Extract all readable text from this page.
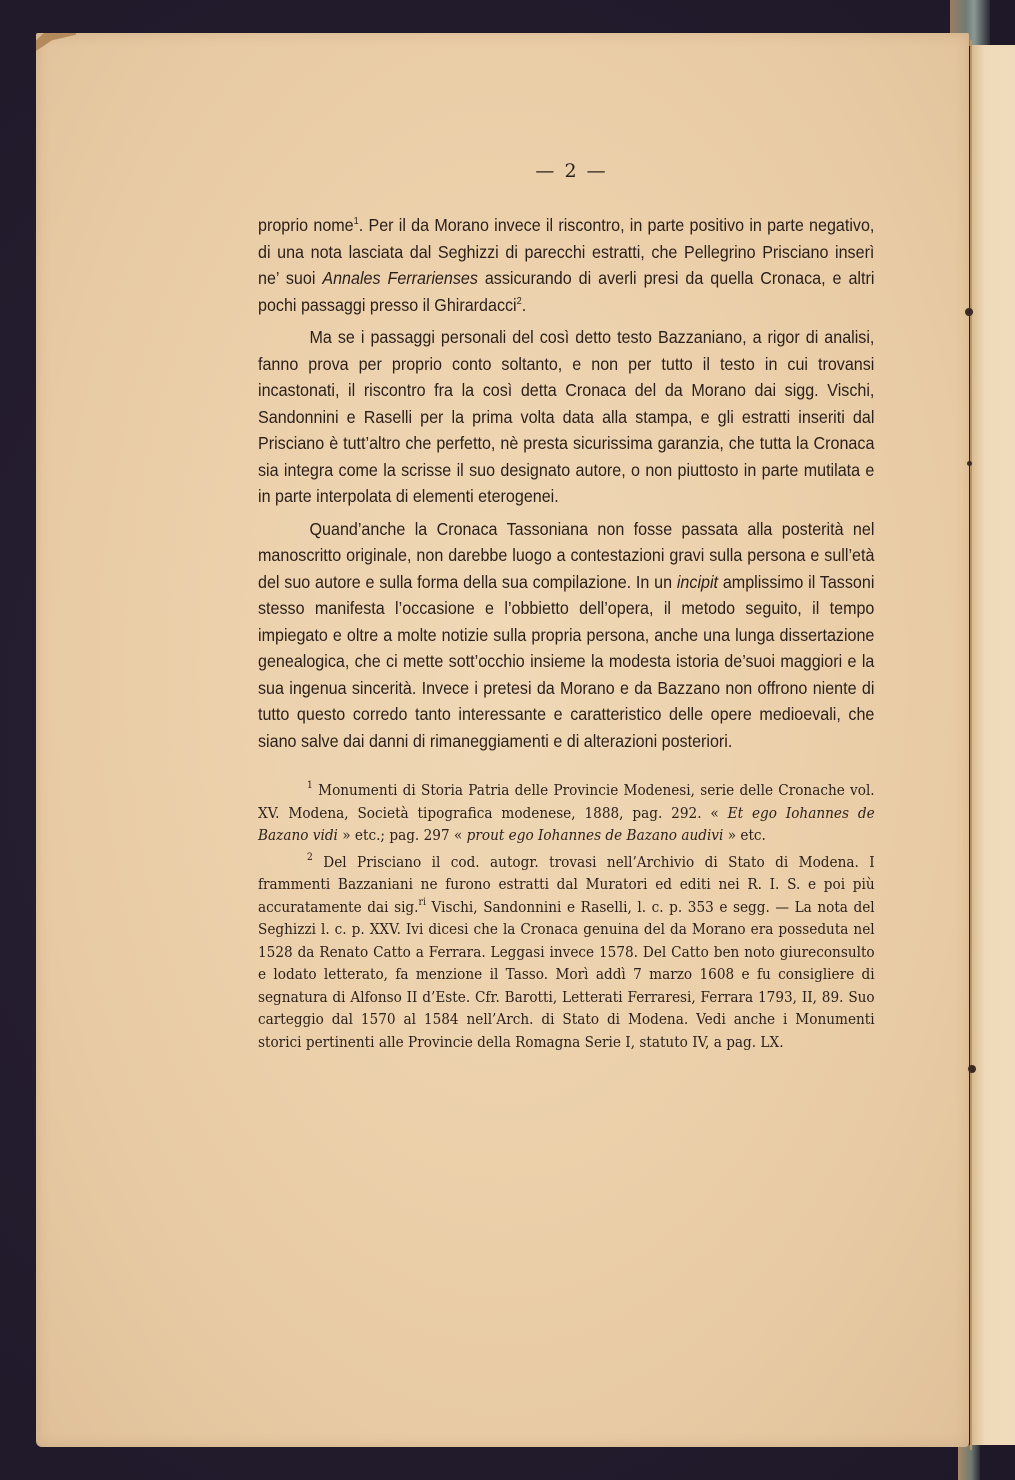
— 2 —

proprio nome$^1$. Per il da Morano invece il riscontro, in parte positivo in parte negativo, di una nota lasciata dal Seghizzi di parecchi estratti, che Pellegrino Prisciano inserì ne’ suoi Annales Ferrarienses assicurando di averli presi da quella Cronaca, e altri pochi passaggi presso il Ghirardacci$^2$.

Ma se i passaggi personali del così detto testo Bazzaniano, a rigor di analisi, fanno prova per proprio conto soltanto, e non per tutto il testo in cui trovansi incastonati, il riscontro fra la così detta Cronaca del da Morano dai sigg. Vischi, Sandonnini e Raselli per la prima volta data alla stampa, e gli estratti inseriti dal Prisciano è tutt’altro che perfetto, nè presta sicurissima garanzia, che tutta la Cronaca sia integra come la scrisse il suo designato autore, o non piuttosto in parte mutilata e in parte interpolata di elementi eterogenei.

Quand’anche la Cronaca Tassoniana non fosse passata alla posterità nel manoscritto originale, non darebbe luogo a contestazioni gravi sulla persona e sull’età del suo autore e sulla forma della sua compilazione. In un incipit amplissimo il Tassoni stesso manifesta l’occasione e l’obbietto dell’opera, il metodo seguito, il tempo impiegato e oltre a molte notizie sulla propria persona, anche una lunga dissertazione genealogica, che ci mette sott’occhio insieme la modesta istoria de’suoi maggiori e la sua ingenua sincerità. Invece i pretesi da Morano e da Bazzano non offrono niente di tutto questo corredo tanto interessante e caratteristico delle opere medioevali, che siano salve dai danni di rimaneggiamenti e di alterazioni posteriori.

$^1$ Monumenti di Storia Patria delle Provincie Modenesi, serie delle Cronache vol. XV. Modena, Società tipografica modenese, 1888, pag. 292. « Et ego Iohannes de Bazano vidi » etc.; pag. 297 « prout ego Iohannes de Bazano audivi » etc.

$^2$ Del Prisciano il cod. autogr. trovasi nell’Archivio di Stato di Modena. I frammenti Bazzaniani ne furono estratti dal Muratori ed editi nei R. I. S. e poi più accuratamente dai sig.$^{ri}$ Vischi, Sandonnini e Raselli, l. c. p. 353 e segg. — La nota del Seghizzi l. c. p. XXV. Ivi dicesi che la Cronaca genuina del da Morano era posseduta nel 1528 da Renato Catto a Ferrara. Leggasi invece 1578. Del Catto ben noto giureconsulto e lodato letterato, fa menzione il Tasso. Morì addì 7 marzo 1608 e fu consigliere di segnatura di Alfonso II d’Este. Cfr. Barotti, Letterati Ferraresi, Ferrara 1793, II, 89. Suo carteggio dal 1570 al 1584 nell’Arch. di Stato di Modena. Vedi anche i Monumenti storici pertinenti alle Provincie della Romagna Serie I, statuto IV, a pag. LX.
